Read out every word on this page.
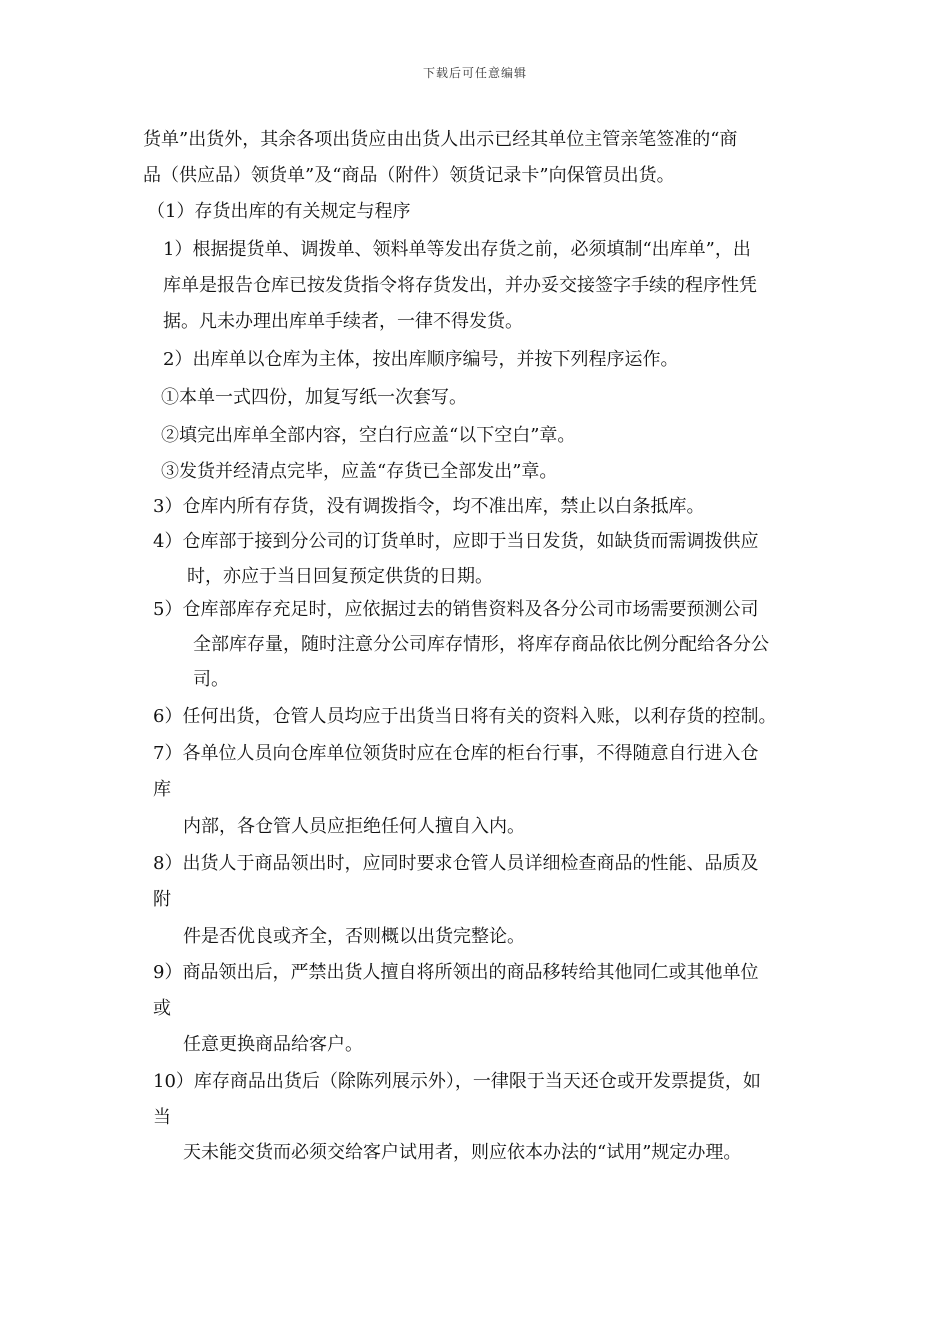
下载后可任意编辑
货单”出货外，其余各项出货应由出货人出示已经其单位主管亲笔签准的“商
品（供应品）领货单”及“商品（附件）领货记录卡”向保管员出货。
（1）存货出库的有关规定与程序
1）根据提货单、调拨单、领料单等发出存货之前，必须填制“出库单”，出
库单是报告仓库已按发货指令将存货发出，并办妥交接签字手续的程序性凭
据。凡未办理出库单手续者，一律不得发货。
2）出库单以仓库为主体，按出库顺序编号，并按下列程序运作。
①本单一式四份，加复写纸一次套写。
②填完出库单全部内容，空白行应盖“以下空白”章。
③发货并经清点完毕，应盖“存货已全部发出”章。
3）仓库内所有存货，没有调拨指令，均不准出库，禁止以白条抵库。
4）仓库部于接到分公司的订货单时，应即于当日发货，如缺货而需调拨供应
时，亦应于当日回复预定供货的日期。
5）仓库部库存充足时，应依据过去的销售资料及各分公司市场需要预测公司
全部库存量，随时注意分公司库存情形，将库存商品依比例分配给各分公
司。
6）任何出货，仓管人员均应于出货当日将有关的资料入账，以利存货的控制。
7）各单位人员向仓库单位领货时应在仓库的柜台行事，不得随意自行进入仓
库
内部，各仓管人员应拒绝任何人擅自入内。
8）出货人于商品领出时，应同时要求仓管人员详细检查商品的性能、品质及
附
件是否优良或齐全，否则概以出货完整论。
9）商品领出后，严禁出货人擅自将所领出的商品移转给其他同仁或其他单位
或
任意更换商品给客户。
10）库存商品出货后（除陈列展示外），一律限于当天还仓或开发票提货，如
当
天未能交货而必须交给客户试用者，则应依本办法的“试用”规定办理。
